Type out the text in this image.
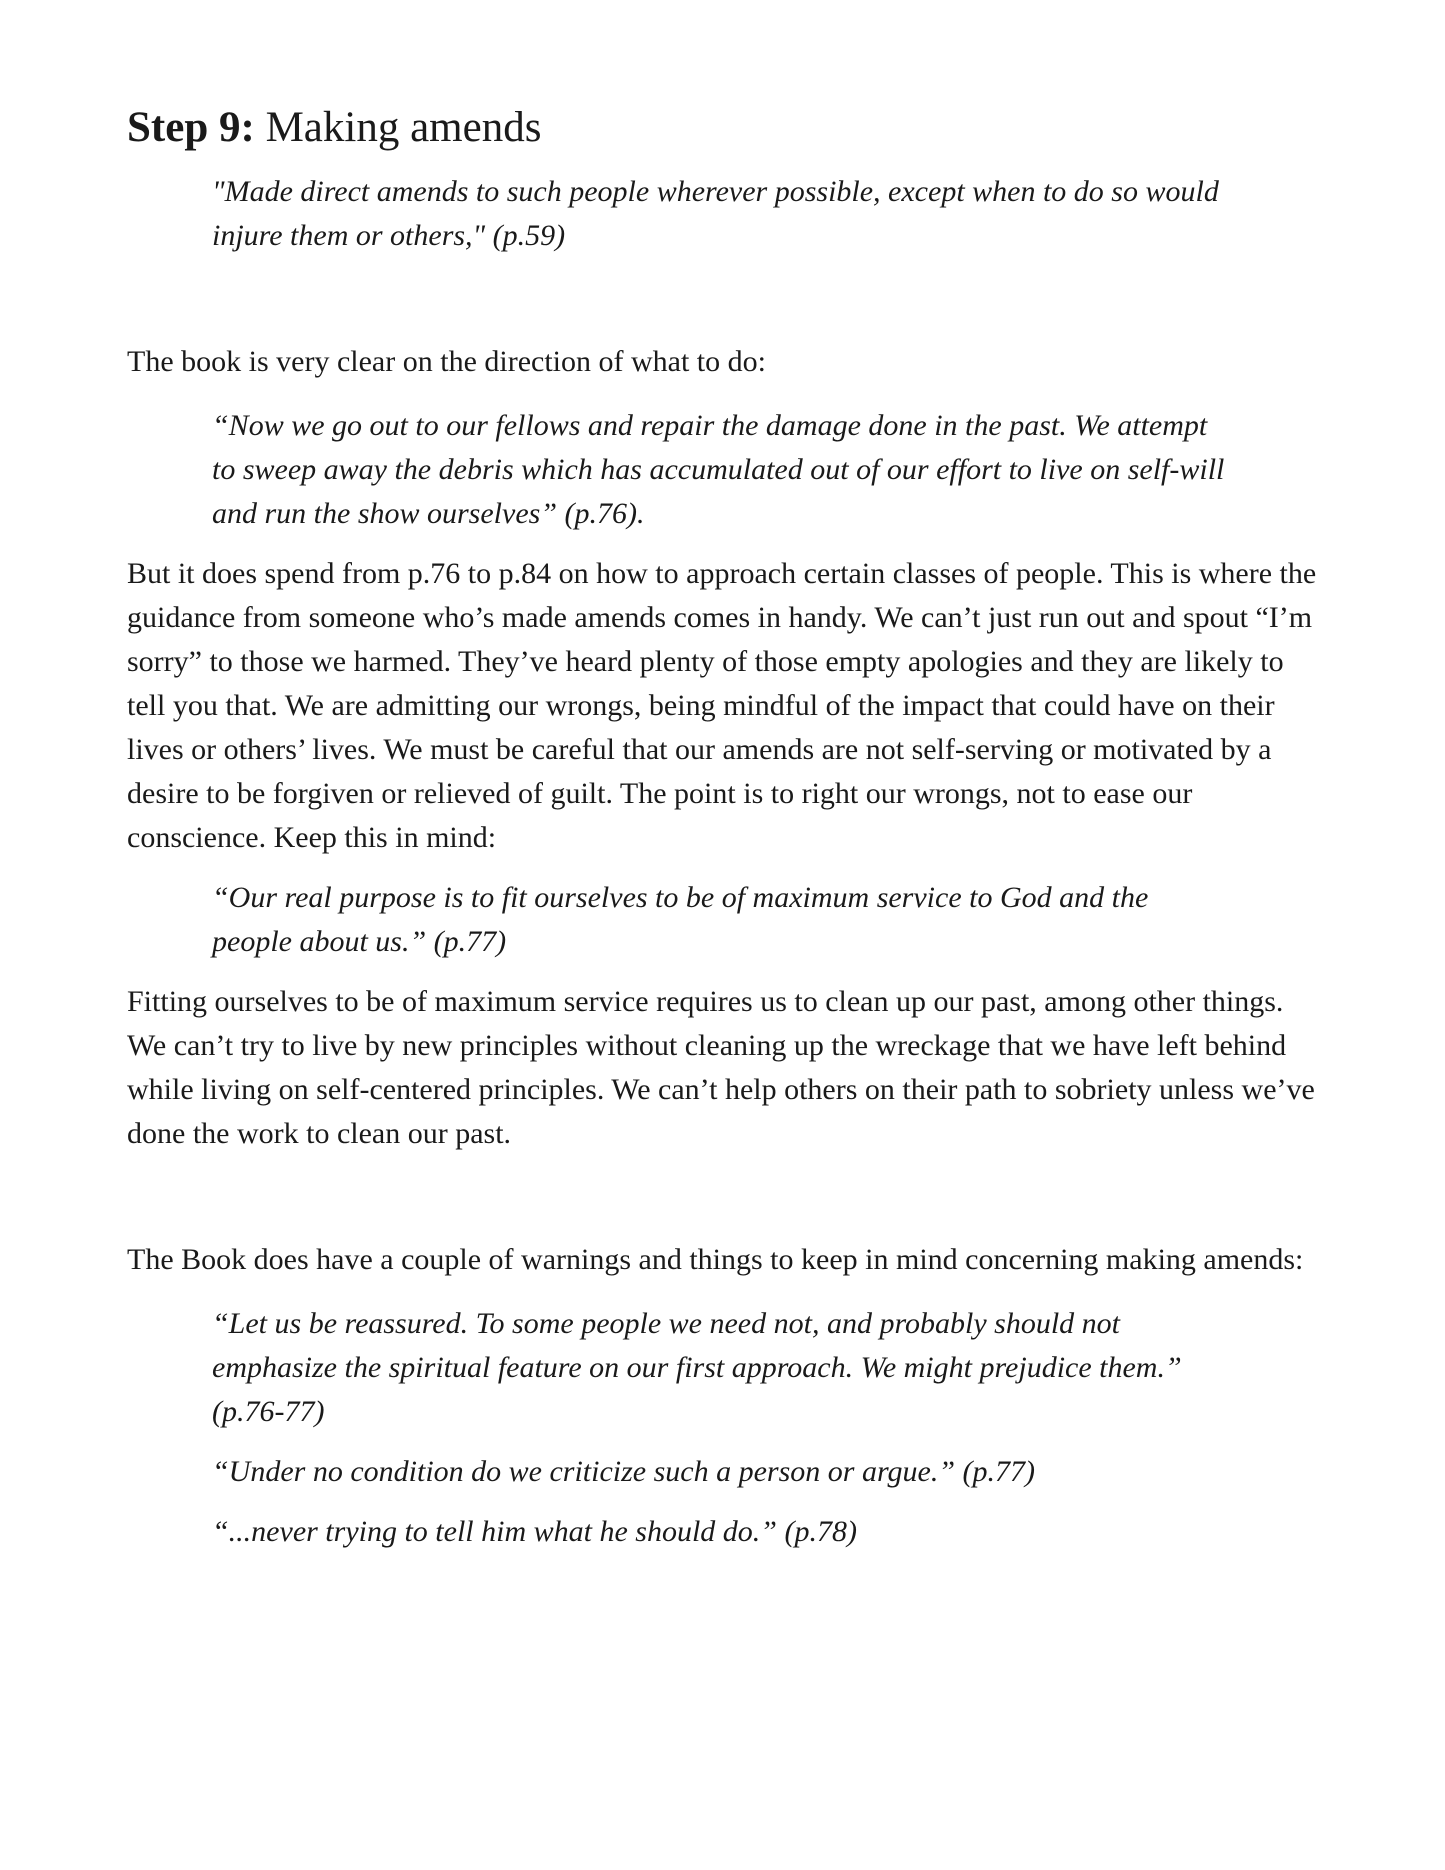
Step 9: Making amends

"Made direct amends to such people wherever possible, except when to do so would injure them or others," (p.59)

The book is very clear on the direction of what to do:

“Now we go out to our fellows and repair the damage done in the past. We attempt to sweep away the debris which has accumulated out of our effort to live on self-will and run the show ourselves” (p.76).

But it does spend from p.76 to p.84 on how to approach certain classes of people. This is where the guidance from someone who’s made amends comes in handy. We can’t just run out and spout “I’m sorry” to those we harmed. They’ve heard plenty of those empty apologies and they are likely to tell you that. We are admitting our wrongs, being mindful of the impact that could have on their lives or others’ lives. We must be careful that our amends are not self-serving or motivated by a desire to be forgiven or relieved of guilt. The point is to right our wrongs, not to ease our conscience. Keep this in mind:

“Our real purpose is to fit ourselves to be of maximum service to God and the people about us.” (p.77)

Fitting ourselves to be of maximum service requires us to clean up our past, among other things. We can’t try to live by new principles without cleaning up the wreckage that we have left behind while living on self-centered principles. We can’t help others on their path to sobriety unless we’ve done the work to clean our past.

The Book does have a couple of warnings and things to keep in mind concerning making amends:

“Let us be reassured. To some people we need not, and probably should not emphasize the spiritual feature on our first approach. We might prejudice them.” (p.76-77)

“Under no condition do we criticize such a person or argue.” (p.77)

“...never trying to tell him what he should do.” (p.78)
